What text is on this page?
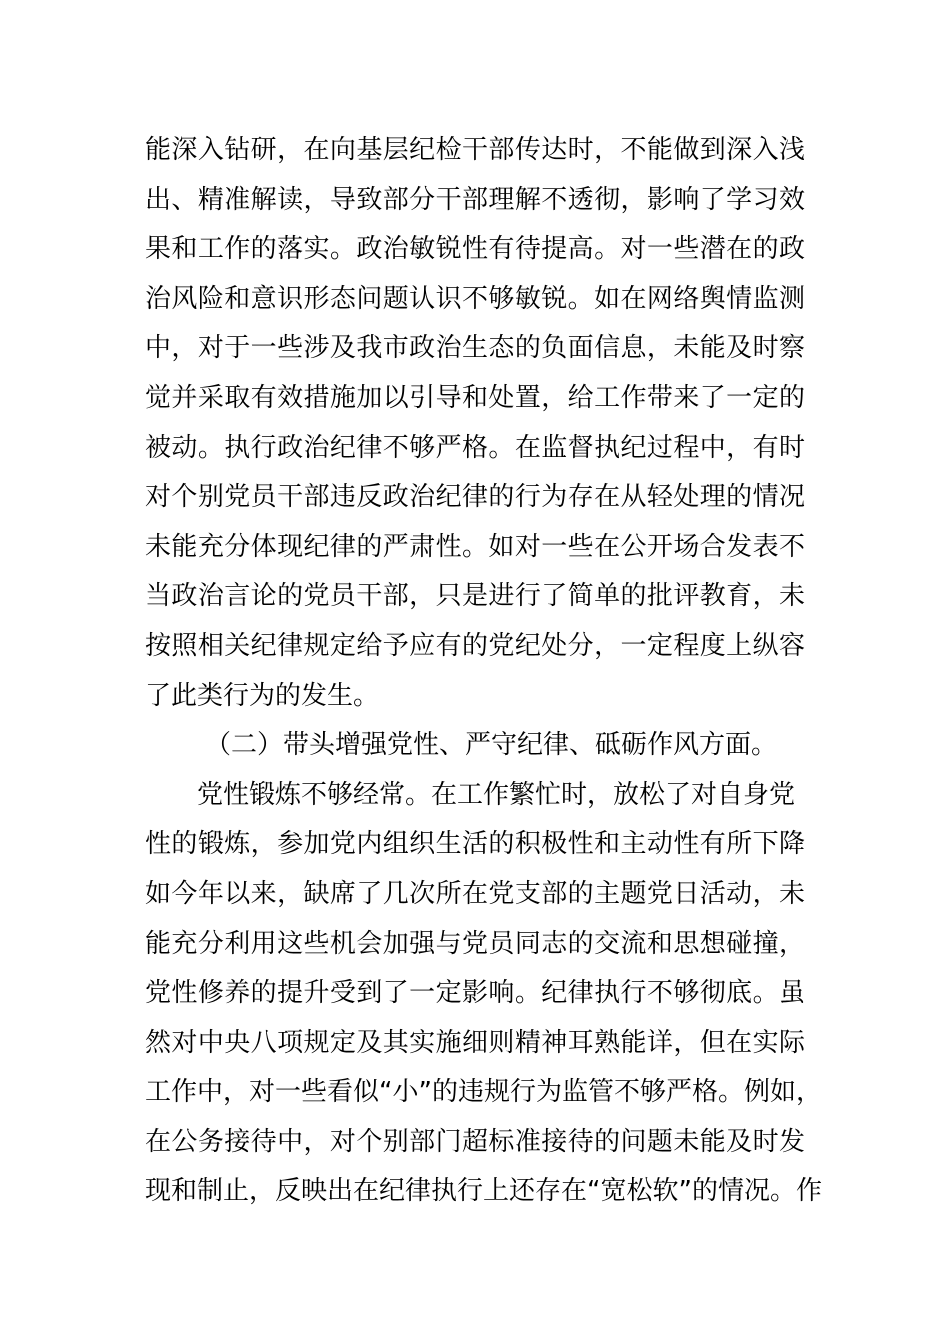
能深入钻研，在向基层纪检干部传达时，不能做到深入浅
出、精准解读，导致部分干部理解不透彻，影响了学习效
果和工作的落实。政治敏锐性有待提高。对一些潜在的政
治风险和意识形态问题认识不够敏锐。如在网络舆情监测
中，对于一些涉及我市政治生态的负面信息，未能及时察
觉并采取有效措施加以引导和处置，给工作带来了一定的
被动。执行政治纪律不够严格。在监督执纪过程中，有时
对个别党员干部违反政治纪律的行为存在从轻处理的情况
未能充分体现纪律的严肃性。如对一些在公开场合发表不
当政治言论的党员干部，只是进行了简单的批评教育，未
按照相关纪律规定给予应有的党纪处分，一定程度上纵容
了此类行为的发生。
（二）带头增强党性、严守纪律、砥砺作风方面。
党性锻炼不够经常。在工作繁忙时，放松了对自身党
性的锻炼，参加党内组织生活的积极性和主动性有所下降
如今年以来，缺席了几次所在党支部的主题党日活动，未
能充分利用这些机会加强与党员同志的交流和思想碰撞，
党性修养的提升受到了一定影响。纪律执行不够彻底。虽
然对中央八项规定及其实施细则精神耳熟能详，但在实际
工作中，对一些看似“小”的违规行为监管不够严格。例如，
在公务接待中，对个别部门超标准接待的问题未能及时发
现和制止，反映出在纪律执行上还存在“宽松软”的情况。作
